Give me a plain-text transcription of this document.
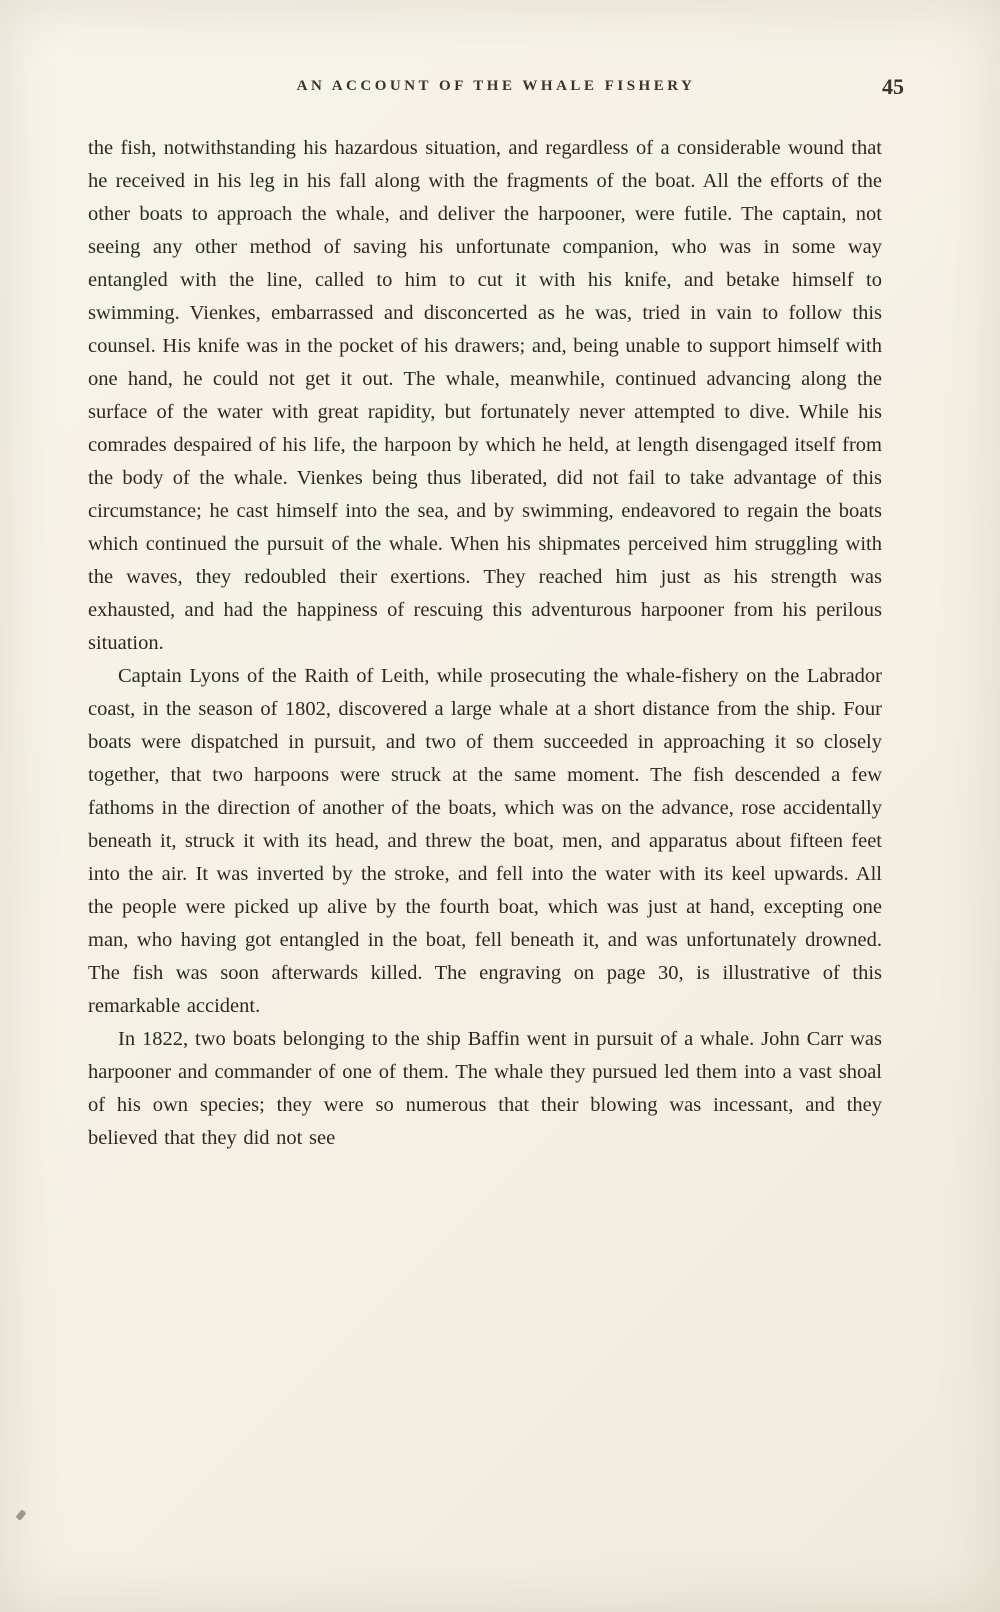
AN ACCOUNT OF THE WHALE FISHERY	45

the fish, notwithstanding his hazardous situation, and regardless of a considerable wound that he received in his leg in his fall along with the fragments of the boat. All the efforts of the other boats to approach the whale, and deliver the harpooner, were futile. The captain, not seeing any other method of saving his unfortunate companion, who was in some way entangled with the line, called to him to cut it with his knife, and betake himself to swimming. Vienkes, embarrassed and disconcerted as he was, tried in vain to follow this counsel. His knife was in the pocket of his drawers; and, being unable to support himself with one hand, he could not get it out. The whale, meanwhile, continued advancing along the surface of the water with great rapidity, but fortunately never attempted to dive. While his comrades despaired of his life, the harpoon by which he held, at length disengaged itself from the body of the whale. Vienkes being thus liberated, did not fail to take advantage of this circumstance; he cast himself into the sea, and by swimming, endeavored to regain the boats which continued the pursuit of the whale. When his shipmates perceived him struggling with the waves, they redoubled their exertions. They reached him just as his strength was exhausted, and had the happiness of rescuing this adventurous harpooner from his perilous situation.

Captain Lyons of the Raith of Leith, while prosecuting the whale-fishery on the Labrador coast, in the season of 1802, discovered a large whale at a short distance from the ship. Four boats were dispatched in pursuit, and two of them succeeded in approaching it so closely together, that two harpoons were struck at the same moment. The fish descended a few fathoms in the direction of another of the boats, which was on the advance, rose accidentally beneath it, struck it with its head, and threw the boat, men, and apparatus about fifteen feet into the air. It was inverted by the stroke, and fell into the water with its keel upwards. All the people were picked up alive by the fourth boat, which was just at hand, excepting one man, who having got entangled in the boat, fell beneath it, and was unfortunately drowned. The fish was soon afterwards killed. The engraving on page 30, is illustrative of this remarkable accident.

In 1822, two boats belonging to the ship Baffin went in pursuit of a whale. John Carr was harpooner and commander of one of them. The whale they pursued led them into a vast shoal of his own species; they were so numerous that their blowing was incessant, and they believed that they did not see
